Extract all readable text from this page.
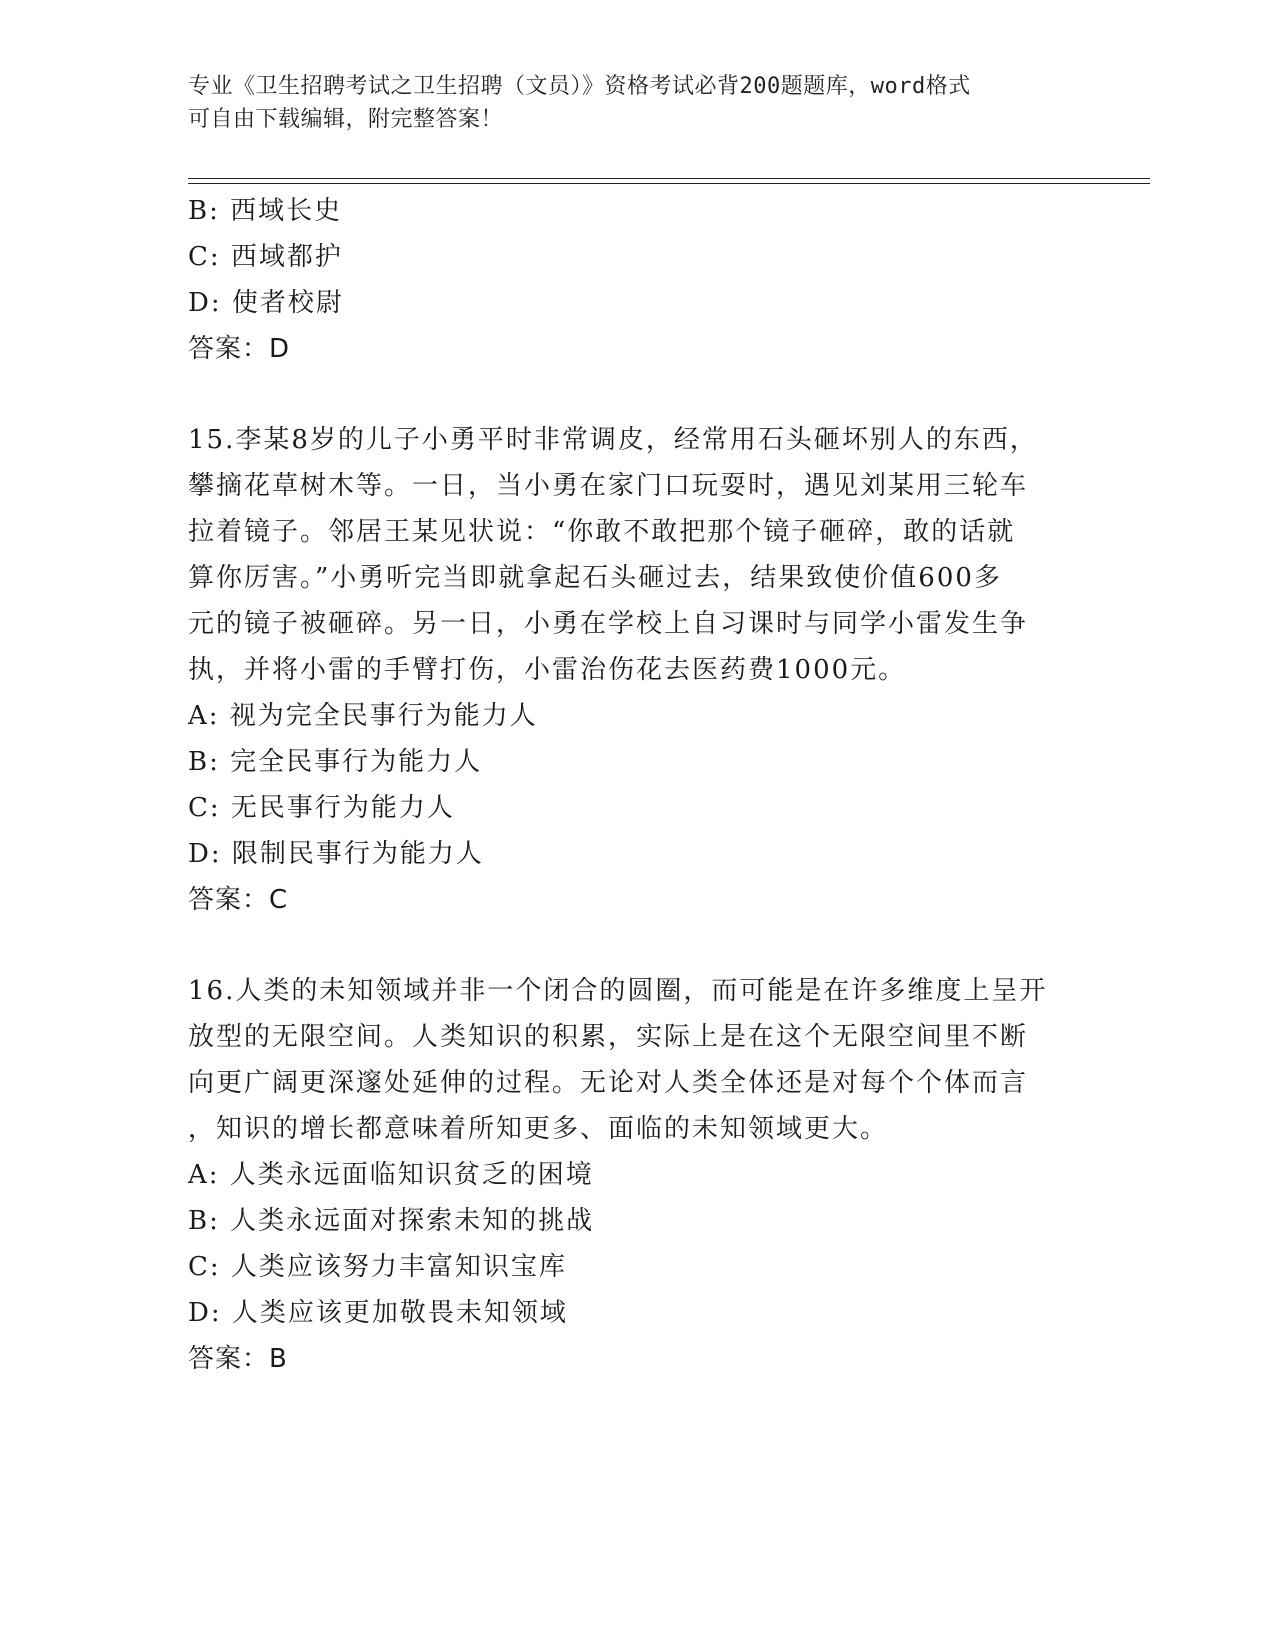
专业《卫生招聘考试之卫生招聘（文员）》资格考试必背200题题库，word格式
可自由下载编辑，附完整答案！
B: 西域长史
C: 西域都护
D: 使者校尉
答案：D
15.李某8岁的儿子小勇平时非常调皮，经常用石头砸坏别人的东西，
攀摘花草树木等。一日，当小勇在家门口玩耍时，遇见刘某用三轮车
拉着镜子。邻居王某见状说：“你敢不敢把那个镜子砸碎，敢的话就
算你厉害。”小勇听完当即就拿起石头砸过去，结果致使价值600多
元的镜子被砸碎。另一日，小勇在学校上自习课时与同学小雷发生争
执，并将小雷的手臂打伤，小雷治伤花去医药费1000元。
A: 视为完全民事行为能力人
B: 完全民事行为能力人
C: 无民事行为能力人
D: 限制民事行为能力人
答案：C
16.人类的未知领域并非一个闭合的圆圈，而可能是在许多维度上呈开
放型的无限空间。人类知识的积累，实际上是在这个无限空间里不断
向更广阔更深邃处延伸的过程。无论对人类全体还是对每个个体而言
，知识的增长都意味着所知更多、面临的未知领域更大。
A: 人类永远面临知识贫乏的困境
B: 人类永远面对探索未知的挑战
C: 人类应该努力丰富知识宝库
D: 人类应该更加敬畏未知领域
答案：B
